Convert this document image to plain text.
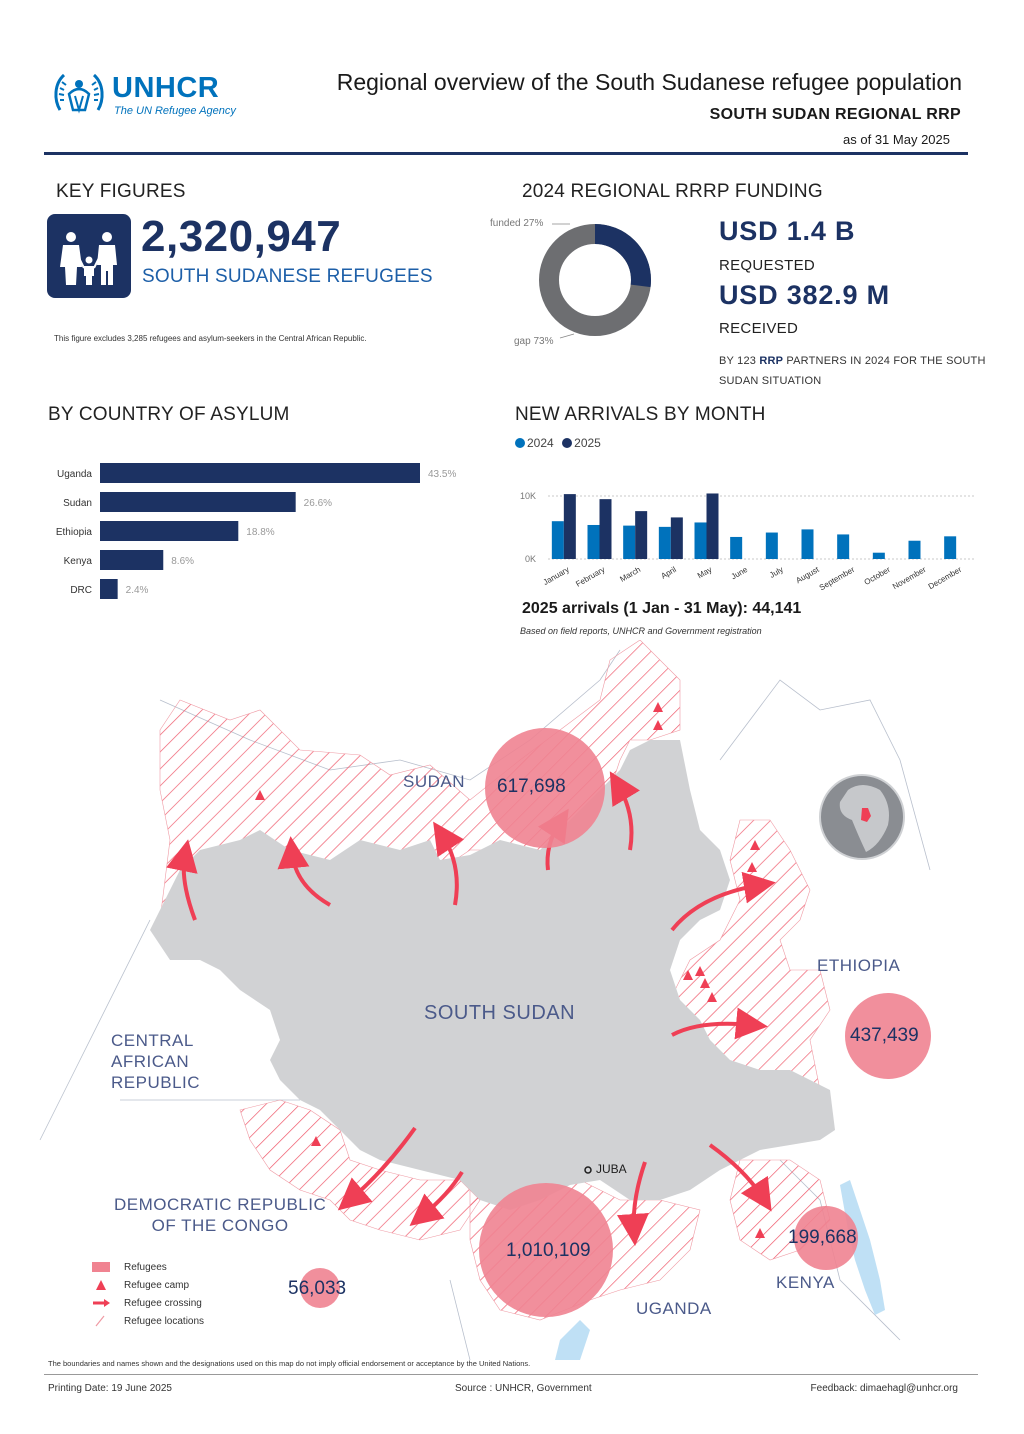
UNHCR
The UN Refugee Agency
Regional overview of the South Sudanese refugee population
SOUTH SUDAN REGIONAL RRP
as of 31 May 2025
KEY FIGURES
2,320,947
SOUTH SUDANESE REFUGEES
This figure excludes 3,285 refugees and asylum-seekers in the Central African Republic.
2024 REGIONAL RRRP FUNDING
funded 27%
gap 73%
USD 1.4 B
REQUESTED
USD 382.9 M
RECEIVED
BY 123 RRP PARTNERS IN 2024 FOR THE SOUTH SUDAN SITUATION
BY COUNTRY OF ASYLUM
Uganda	43.5%
Sudan	26.6%
Ethiopia	18.8%
Kenya	8.6%
DRC	2.4%
NEW ARRIVALS BY MONTH
2024 2025
10K
0K
January February March April May June July August
September October November December
2025 arrivals (1 Jan - 31 May): 44,141
Based on field reports, UNHCR and Government registration
SUDAN
ETHIOPIA
SOUTH SUDAN
CENTRAL
AFRICAN
REPUBLIC
DEMOCRATIC REPUBLIC
OF THE CONGO
UGANDA
KENYA
JUBA
617,698
437,439
1,010,109
199,668
56,033
Refugees
Refugee camp
Refugee crossing
Refugee locations
The boundaries and names shown and the designations used on this map do not imply official endorsement or acceptance by the United Nations.
Printing Date: 19 June 2025	Source : UNHCR, Government	Feedback: dimaehagl@unhcr.org
